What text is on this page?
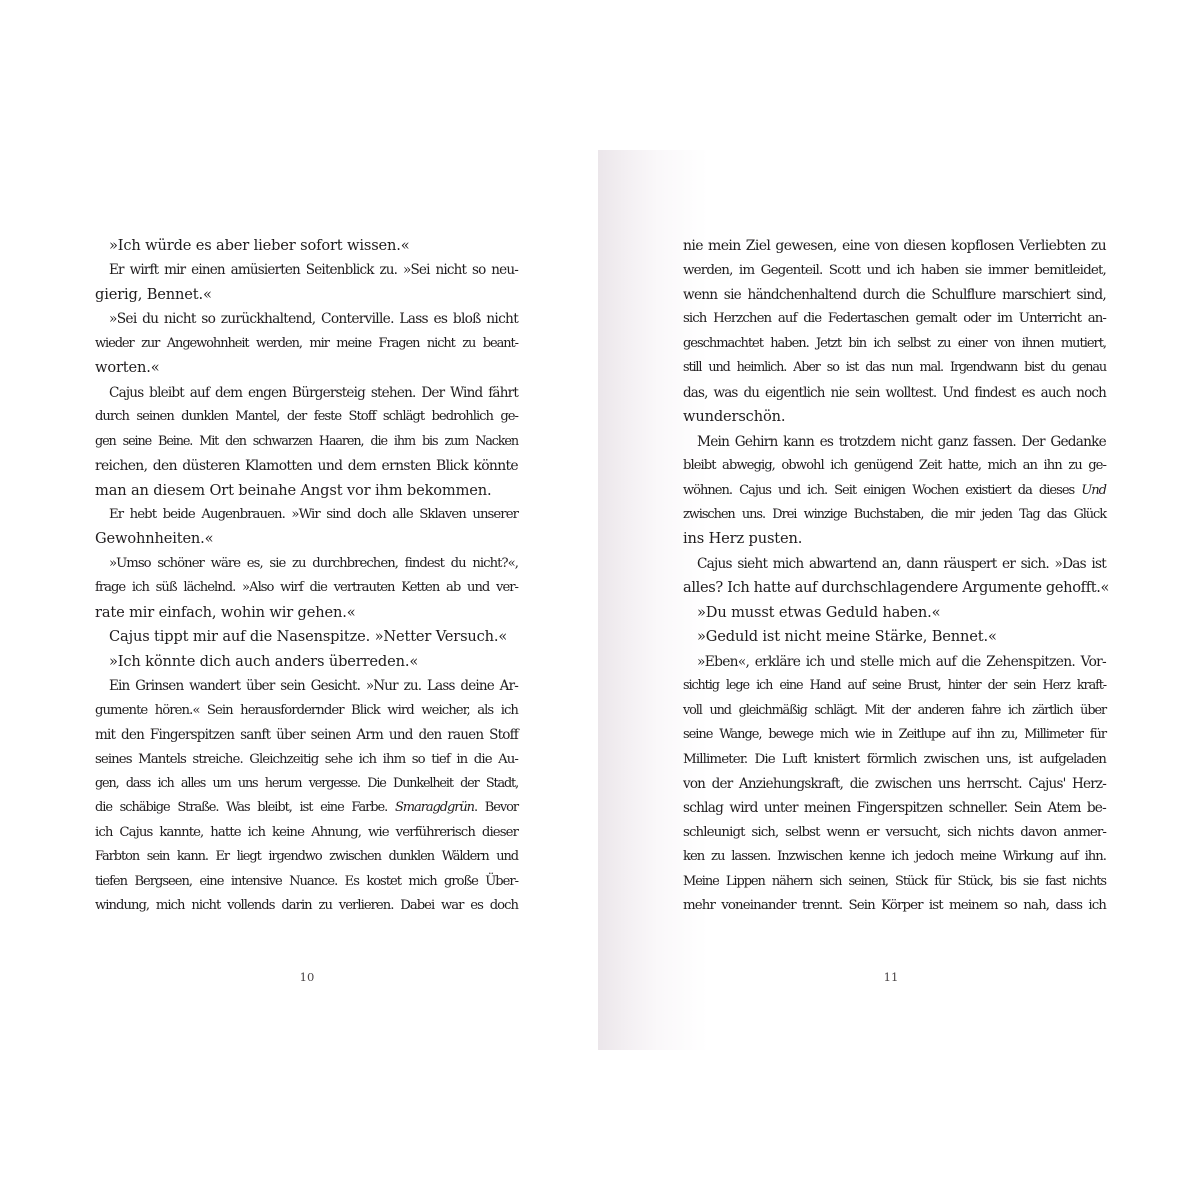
»Ich würde es aber lieber sofort wissen.«
Er wirft mir einen amüsierten Seitenblick zu. »Sei nicht so neu-
gierig, Bennet.«
»Sei du nicht so zurückhaltend, Conterville. Lass es bloß nicht
wieder zur Angewohnheit werden, mir meine Fragen nicht zu beant-
worten.«
Cajus bleibt auf dem engen Bürgersteig stehen. Der Wind fährt
durch seinen dunklen Mantel, der feste Stoff schlägt bedrohlich ge-
gen seine Beine. Mit den schwarzen Haaren, die ihm bis zum Nacken
reichen, den düsteren Klamotten und dem ernsten Blick könnte
man an diesem Ort beinahe Angst vor ihm bekommen.
Er hebt beide Augenbrauen. »Wir sind doch alle Sklaven unserer
Gewohnheiten.«
»Umso schöner wäre es, sie zu durchbrechen, findest du nicht?«,
frage ich süß lächelnd. »Also wirf die vertrauten Ketten ab und ver-
rate mir einfach, wohin wir gehen.«
Cajus tippt mir auf die Nasenspitze. »Netter Versuch.«
»Ich könnte dich auch anders überreden.«
Ein Grinsen wandert über sein Gesicht. »Nur zu. Lass deine Ar-
gumente hören.« Sein herausfordernder Blick wird weicher, als ich
mit den Fingerspitzen sanft über seinen Arm und den rauen Stoff
seines Mantels streiche. Gleichzeitig sehe ich ihm so tief in die Au-
gen, dass ich alles um uns herum vergesse. Die Dunkelheit der Stadt,
die schäbige Straße. Was bleibt, ist eine Farbe. Smaragdgrün. Bevor
ich Cajus kannte, hatte ich keine Ahnung, wie verführerisch dieser
Farbton sein kann. Er liegt irgendwo zwischen dunklen Wäldern und
tiefen Bergseen, eine intensive Nuance. Es kostet mich große Über-
windung, mich nicht vollends darin zu verlieren. Dabei war es doch
10
nie mein Ziel gewesen, eine von diesen kopflosen Verliebten zu
werden, im Gegenteil. Scott und ich haben sie immer bemitleidet,
wenn sie händchenhaltend durch die Schulflure marschiert sind,
sich Herzchen auf die Federtaschen gemalt oder im Unterricht an-
geschmachtet haben. Jetzt bin ich selbst zu einer von ihnen mutiert,
still und heimlich. Aber so ist das nun mal. Irgendwann bist du genau
das, was du eigentlich nie sein wolltest. Und findest es auch noch
wunderschön.
Mein Gehirn kann es trotzdem nicht ganz fassen. Der Gedanke
bleibt abwegig, obwohl ich genügend Zeit hatte, mich an ihn zu ge-
wöhnen. Cajus und ich. Seit einigen Wochen existiert da dieses Und
zwischen uns. Drei winzige Buchstaben, die mir jeden Tag das Glück
ins Herz pusten.
Cajus sieht mich abwartend an, dann räuspert er sich. »Das ist
alles? Ich hatte auf durchschlagendere Argumente gehofft.«
»Du musst etwas Geduld haben.«
»Geduld ist nicht meine Stärke, Bennet.«
»Eben«, erkläre ich und stelle mich auf die Zehenspitzen. Vor-
sichtig lege ich eine Hand auf seine Brust, hinter der sein Herz kraft-
voll und gleichmäßig schlägt. Mit der anderen fahre ich zärtlich über
seine Wange, bewege mich wie in Zeitlupe auf ihn zu, Millimeter für
Millimeter. Die Luft knistert förmlich zwischen uns, ist aufgeladen
von der Anziehungskraft, die zwischen uns herrscht. Cajus' Herz-
schlag wird unter meinen Fingerspitzen schneller. Sein Atem be-
schleunigt sich, selbst wenn er versucht, sich nichts davon anmer-
ken zu lassen. Inzwischen kenne ich jedoch meine Wirkung auf ihn.
Meine Lippen nähern sich seinen, Stück für Stück, bis sie fast nichts
mehr voneinander trennt. Sein Körper ist meinem so nah, dass ich
11
